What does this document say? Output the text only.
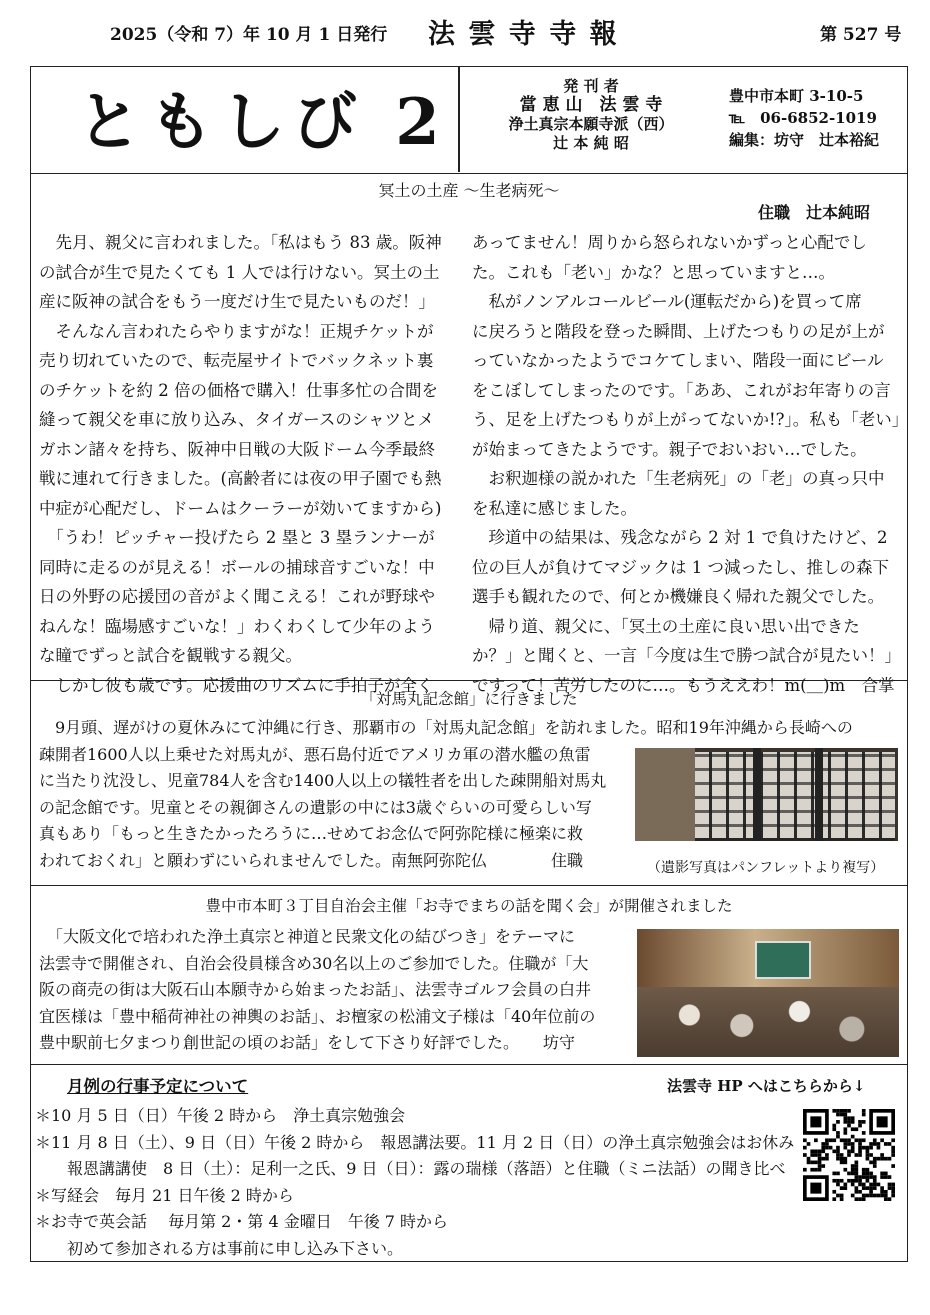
2025（令和 7）年 10 月 1 日発行 法 雲 寺 寺 報	第 527 号
ともしび 2	発 刊 者
當 恵 山　法 雲 寺
浄土真宗本願寺派（西）
辻 本 純 昭
豊中市本町 3-10-5
℡　06-6852-1019
編集：坊守　辻本裕紀
冥土の土産 ～生老病死～
住職　辻本純昭
　先月、親父に言われました。「私はもう 83 歳。阪神
の試合が生で見たくても 1 人では行けない。冥土の土
産に阪神の試合をもう一度だけ生で見たいものだ！」
　そんなん言われたらやりますがな！正規チケットが
売り切れていたので、転売屋サイトでバックネット裏
のチケットを約 2 倍の価格で購入！仕事多忙の合間を
縫って親父を車に放り込み、タイガースのシャツとメ
ガホン諸々を持ち、阪神中日戦の大阪ドーム今季最終
戦に連れて行きました。(高齢者には夜の甲子園でも熱
中症が心配だし、ドームはクーラーが効いてますから)
　「うわ！ピッチャー投げたら 2 塁と 3 塁ランナーが
同時に走るのが見える！ボールの捕球音すごいな！中
日の外野の応援団の音がよく聞こえる！これが野球や
ねんな！臨場感すごいな！」わくわくして少年のよう
な瞳でずっと試合を観戦する親父。
　しかし彼も歳です。応援曲のリズムに手拍子が全く
あってません！周りから怒られないかずっと心配でし
た。これも「老い」かな？と思っていますと…。
　私がノンアルコールビール(運転だから)を買って席
に戻ろうと階段を登った瞬間、上げたつもりの足が上が
っていなかったようでコケてしまい、階段一面にビール
をこぼしてしまったのです。「ああ、これがお年寄りの言
う、足を上げたつもりが上がってないか!?」。私も「老い」
が始まってきたようです。親子でおいおい…でした。
　お釈迦様の説かれた「生老病死」の「老」の真っ只中
を私達に感じました。
　珍道中の結果は、残念ながら 2 対 1 で負けたけど、2
位の巨人が負けてマジックは 1 つ減ったし、推しの森下
選手も観れたので、何とか機嫌良く帰れた親父でした。
　帰り道、親父に、「冥土の土産に良い思い出できた
か？」と聞くと、一言「今度は生で勝つ試合が見たい！」
ですって！苦労したのに…。もうええわ！m(＿)m　合掌
「対馬丸記念館」に行きました
　9月頭、遅がけの夏休みにて沖縄に行き、那覇市の「対馬丸記念館」を訪れました。昭和19年沖縄から長崎への
疎開者1600人以上乗せた対馬丸が、悪石島付近でアメリカ軍の潜水艦の魚雷
に当たり沈没し、児童784人を含む1400人以上の犠牲者を出した疎開船対馬丸
の記念館です。児童とその親御さんの遺影の中には3歳ぐらいの可愛らしい写
真もあり「もっと生きたかったろうに…せめてお念仏で阿弥陀様に極楽に救
われておくれ」と願わずにいられませんでした。南無阿弥陀仏　　　　住職	（遺影写真はパンフレットより複写）
豊中市本町３丁目自治会主催「お寺でまちの話を聞く会」が開催されました
　「大阪文化で培われた浄土真宗と神道と民衆文化の結びつき」をテーマに
法雲寺で開催され、自治会役員様含め30名以上のご参加でした。住職が「大
阪の商売の街は大阪石山本願寺から始まったお話」、法雲寺ゴルフ会員の白井
宜医様は「豊中稲荷神社の神輿のお話」、お檀家の松浦文子様は「40年位前の
豊中駅前七夕まつり創世記の頃のお話」をして下さり好評でした。　　坊守
月例の行事予定について	法雲寺 HP へはこちらから↓
＊10 月 5 日（日）午後 2 時から　浄土真宗勉強会
＊11 月 8 日（土）、9 日（日）午後 2 時から　報恩講法要。11 月 2 日（日）の浄土真宗勉強会はお休み
　　報恩講講使　8 日（土）：足利一之氏、9 日（日）：露の瑞様（落語）と住職（ミニ法話）の聞き比べ
＊写経会　毎月 21 日午後 2 時から
＊お寺で英会話　 毎月第 2・第 4 金曜日　午後 7 時から
　　初めて参加される方は事前に申し込み下さい。
